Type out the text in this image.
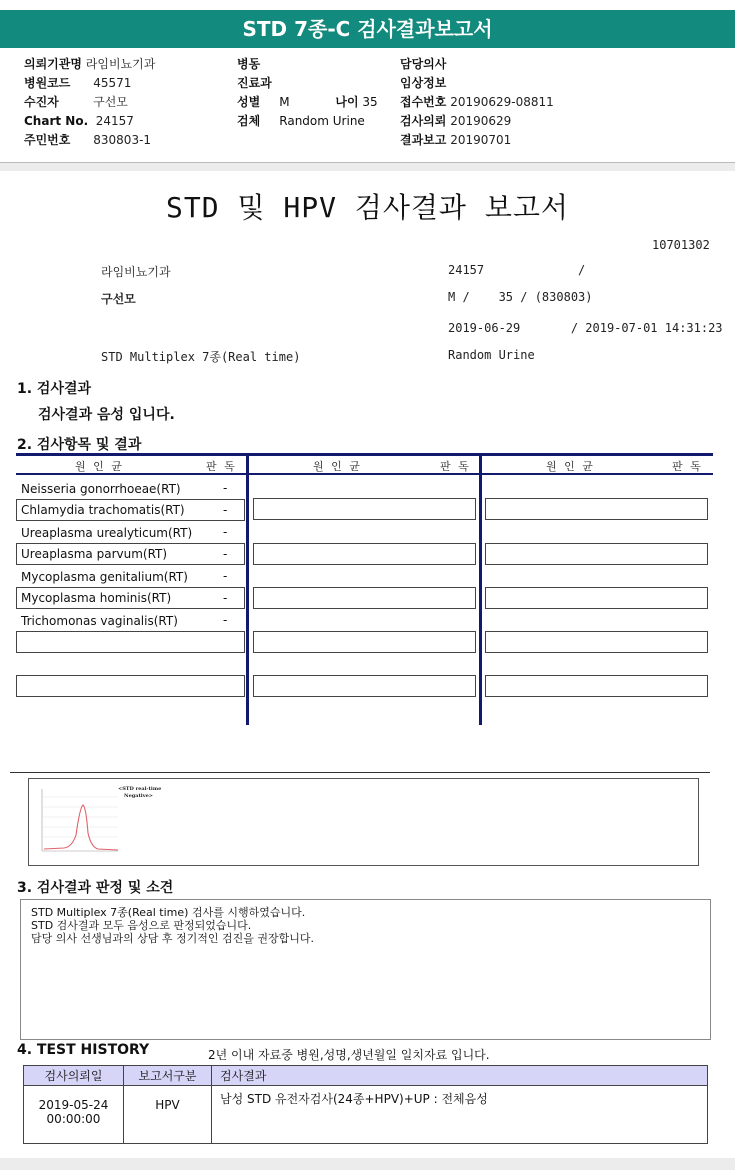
STD 7종-C 검사결과보고서
의뢰기관명 라임비뇨기과
병원코드 45571
수진자	구선모
Chart No. 24157
주민번호 830803-1
병동
진료과
성별 M	나이 35
검체 Random Urine
담당의사
임상정보
접수번호 20190629-08811
검사의뢰 20190629
결과보고 20190701
STD 및 HPV 검사결과 보고서
10701302
라임비뇨기과	24157             /
구선모	M /    35 / (830803)
2019-06-29       / 2019-07-01 14:31:23
STD Multiplex 7종(Real time)	Random Urine
1. 검사결과
검사결과 음성 입니다.
2. 검사항목 및 결과
원 인 균	판 독	원 인 균	판 독	원 인 균	판 독
Neisseria gonorrhoeae(RT)	-
Chlamydia trachomatis(RT)	-
Ureaplasma urealyticum(RT)	-
Ureaplasma parvum(RT)	-
Mycoplasma genitalium(RT)	-
Mycoplasma hominis(RT)	-
Trichomonas vaginalis(RT)	-
·
·
·
<STD real-time
Negative>
3. 검사결과 판정 및 소견
STD Multiplex 7종(Real time) 검사를 시행하였습니다.
STD 검사결과 모두 음성으로 판정되었습니다.
담당 의사 선생님과의 상담 후 정기적인 검진을 권장합니다.
4. TEST HISTORY	2년 이내 자료중 병원,성명,생년월일 일치자료 입니다.
검사의뢰일	보고서구분	검사결과

2019-05-24
00:00:00	HPV	남성 STD 유전자검사(24종+HPV)+UP : 전체음성
